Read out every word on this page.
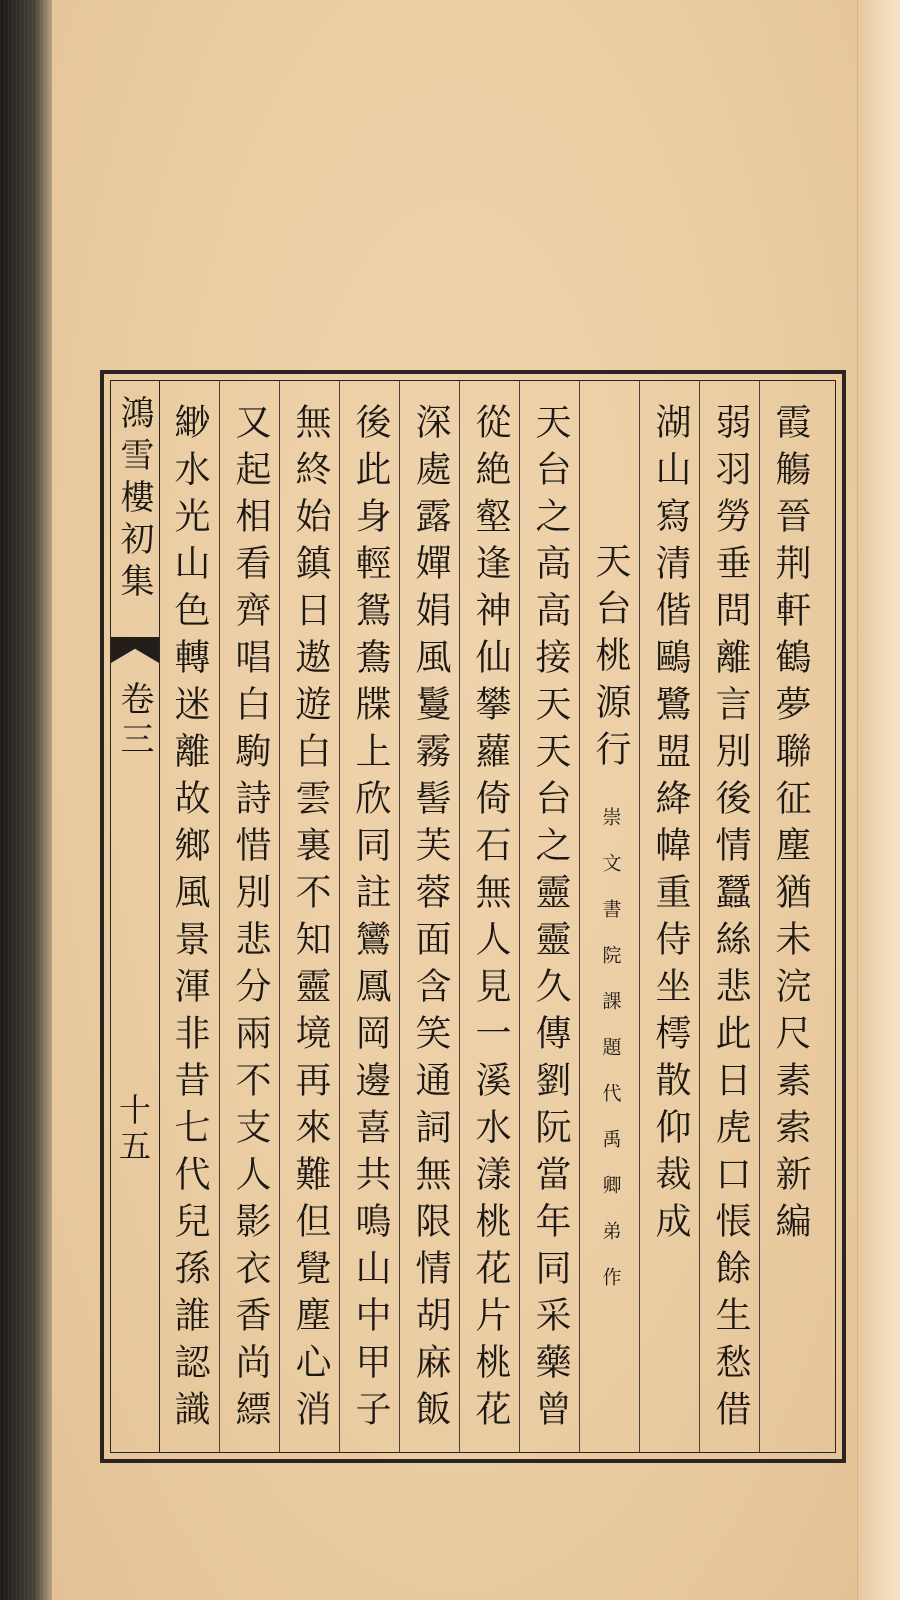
鴻雪樓初集
卷三
十五 緲水光山色轉迷離故鄉風景渾非昔七代兒孫誰認識 又起相看齊唱白駒詩惜別悲分兩不支人影衣香尚縹 無終始鎮日遨遊白雲裏不知靈境再來難但覺塵心消 後此身輕鴛鴦牒上欣同註鸞鳳岡邊喜共鳴山中甲子 深處露嬋娟風鬘霧髻芙蓉面含笑通詞無限情胡麻飯 從絶壑逢神仙攀蘿倚石無人見一溪水漾桃花片桃花 天台之高高接天天台之靈靈久傳劉阮當年同采藥曾 天台桃源行
崇文書院課題代禹卿弟作 湖山寫清偕鷗鷺盟絳幃重侍坐樗散仰裁成 弱羽勞垂問離言別後情蠶絲悲此日虎口悵餘生愁借 霞觴晉荆軒鶴夢聯征塵猶未浣尺素索新編
